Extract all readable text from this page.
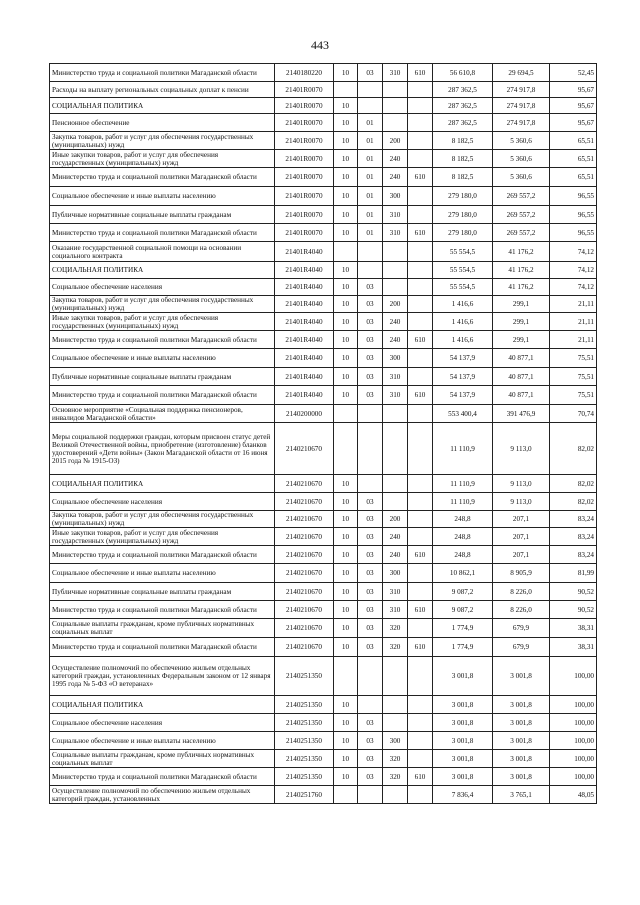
443
Министерство труда и социальной политики Магаданской области	2140180220	10	03	310	610	56 610,8	29 694,5	52,45
Расходы на выплату региональных социальных доплат к пенсии	21401R0070					287 362,5	274 917,8	95,67
СОЦИАЛЬНАЯ ПОЛИТИКА	21401R0070	10				287 362,5	274 917,8	95,67
Пенсионное обеспечение	21401R0070	10	01			287 362,5	274 917,8	95,67
Закупка товаров, работ и услуг для обеспечения государственных (муниципальных) нужд	21401R0070	10	01	200		8 182,5	5 360,6	65,51
Иные закупки товаров, работ и услуг для обеспечения государственных (муниципальных) нужд	21401R0070	10	01	240		8 182,5	5 360,6	65,51
Министерство труда и социальной политики Магаданской области	21401R0070	10	01	240	610	8 182,5	5 360,6	65,51
Социальное обеспечение и иные выплаты населению	21401R0070	10	01	300		279 180,0	269 557,2	96,55
Публичные нормативные социальные выплаты гражданам	21401R0070	10	01	310		279 180,0	269 557,2	96,55
Министерство труда и социальной политики Магаданской области	21401R0070	10	01	310	610	279 180,0	269 557,2	96,55
Оказание государственной социальной помощи на основании социального контракта	21401R4040					55 554,5	41 176,2	74,12
СОЦИАЛЬНАЯ ПОЛИТИКА	21401R4040	10				55 554,5	41 176,2	74,12
Социальное обеспечение населения	21401R4040	10	03			55 554,5	41 176,2	74,12
Закупка товаров, работ и услуг для обеспечения государственных (муниципальных) нужд	21401R4040	10	03	200		1 416,6	299,1	21,11
Иные закупки товаров, работ и услуг для обеспечения государственных (муниципальных) нужд	21401R4040	10	03	240		1 416,6	299,1	21,11
Министерство труда и социальной политики Магаданской области	21401R4040	10	03	240	610	1 416,6	299,1	21,11
Социальное обеспечение и иные выплаты населению	21401R4040	10	03	300		54 137,9	40 877,1	75,51
Публичные нормативные социальные выплаты гражданам	21401R4040	10	03	310		54 137,9	40 877,1	75,51
Министерство труда и социальной политики Магаданской области	21401R4040	10	03	310	610	54 137,9	40 877,1	75,51
Основное мероприятие «Социальная поддержка пенсионеров, инвалидов Магаданской области»	2140200000					553 400,4	391 476,9	70,74
Меры социальной поддержки граждан, которым присвоен статус детей Великой Отечественной войны, приобретение (изготовление) бланков удостоверений «Дети войны» (Закон Магаданской области от 16 июня 2015 года № 1915-ОЗ)	2140210670					11 110,9	9 113,0	82,02
СОЦИАЛЬНАЯ ПОЛИТИКА	2140210670	10				11 110,9	9 113,0	82,02
Социальное обеспечение населения	2140210670	10	03			11 110,9	9 113,0	82,02
Закупка товаров, работ и услуг для обеспечения государственных (муниципальных) нужд	2140210670	10	03	200		248,8	207,1	83,24
Иные закупки товаров, работ и услуг для обеспечения государственных (муниципальных) нужд	2140210670	10	03	240		248,8	207,1	83,24
Министерство труда и социальной политики Магаданской области	2140210670	10	03	240	610	248,8	207,1	83,24
Социальное обеспечение и иные выплаты населению	2140210670	10	03	300		10 862,1	8 905,9	81,99
Публичные нормативные социальные выплаты гражданам	2140210670	10	03	310		9 087,2	8 226,0	90,52
Министерство труда и социальной политики Магаданской области	2140210670	10	03	310	610	9 087,2	8 226,0	90,52
Социальные выплаты гражданам, кроме публичных нормативных социальных выплат	2140210670	10	03	320		1 774,9	679,9	38,31
Министерство труда и социальной политики Магаданской области	2140210670	10	03	320	610	1 774,9	679,9	38,31
Осуществление полномочий по обеспечению жильем отдельных категорий граждан, установленных Федеральным законом от 12 января 1995 года № 5-ФЗ «О ветеранах»	2140251350					3 001,8	3 001,8	100,00
СОЦИАЛЬНАЯ ПОЛИТИКА	2140251350	10				3 001,8	3 001,8	100,00
Социальное обеспечение населения	2140251350	10	03			3 001,8	3 001,8	100,00
Социальное обеспечение и иные выплаты населению	2140251350	10	03	300		3 001,8	3 001,8	100,00
Социальные выплаты гражданам, кроме публичных нормативных социальных выплат	2140251350	10	03	320		3 001,8	3 001,8	100,00
Министерство труда и социальной политики Магаданской области	2140251350	10	03	320	610	3 001,8	3 001,8	100,00
Осуществление полномочий по обеспечению жильем отдельных категорий граждан, установленных	2140251760					7 836,4	3 765,1	48,05
